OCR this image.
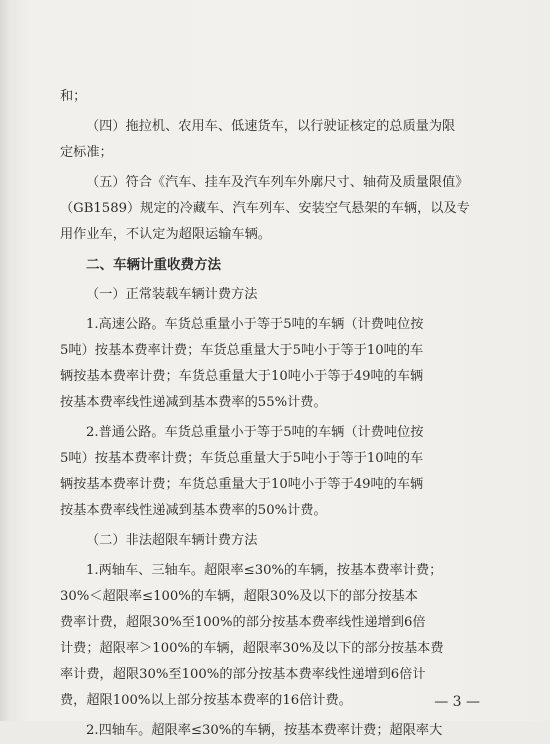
和；
（四）拖拉机、农用车、低速货车，以行驶证核定的总质量为限
定标准；
（五）符合《汽车、挂车及汽车列车外廓尺寸、轴荷及质量限值》
（GB1589）规定的冷藏车、汽车列车、安装空气悬架的车辆，以及专
用作业车，不认定为超限运输车辆。
二、车辆计重收费方法
（一）正常装载车辆计费方法
1.高速公路。车货总重量小于等于5吨的车辆（计费吨位按
5吨）按基本费率计费；车货总重量大于5吨小于等于10吨的车
辆按基本费率计费；车货总重量大于10吨小于等于49吨的车辆
按基本费率线性递减到基本费率的55%计费。
2.普通公路。车货总重量小于等于5吨的车辆（计费吨位按
5吨）按基本费率计费；车货总重量大于5吨小于等于10吨的车
辆按基本费率计费；车货总重量大于10吨小于等于49吨的车辆
按基本费率线性递减到基本费率的50%计费。
（二）非法超限车辆计费方法
1.两轴车、三轴车。超限率≤30%的车辆，按基本费率计费；
30%＜超限率≤100%的车辆，超限30%及以下的部分按基本
费率计费，超限30%至100%的部分按基本费率线性递增到6倍
计费；超限率＞100%的车辆，超限率30%及以下的部分按基本费
率计费，超限30%至100%的部分按基本费率线性递增到6倍计
费，超限100%以上部分按基本费率的16倍计费。
2.四轴车。超限率≤30%的车辆，按基本费率计费；超限率大
— 3 —
